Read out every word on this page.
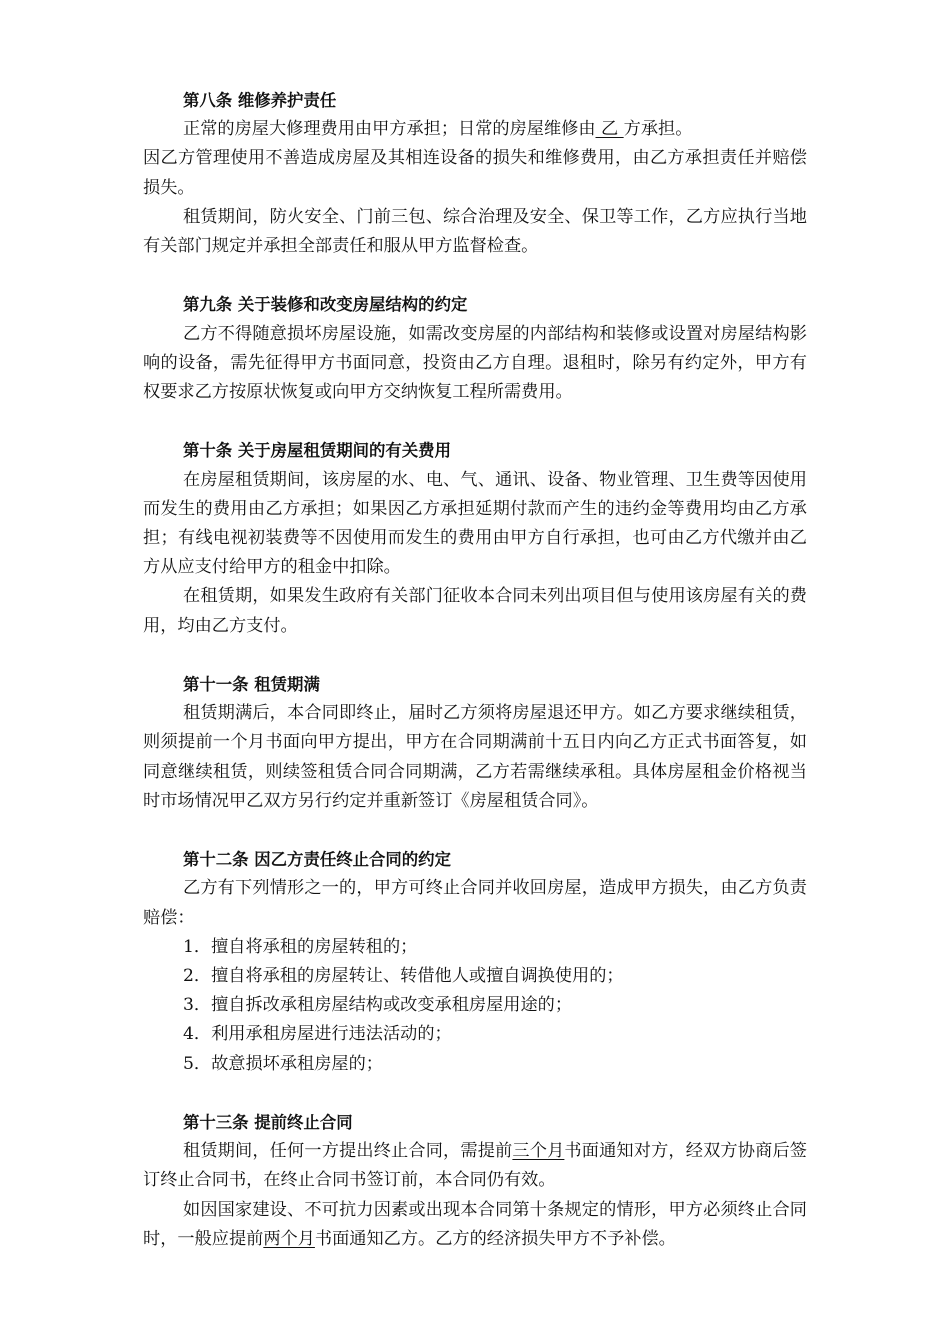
第八条 维修养护责任

正常的房屋大修理费用由甲方承担；日常的房屋维修由 乙 方承担。

因乙方管理使用不善造成房屋及其相连设备的损失和维修费用，由乙方承担责任并赔偿损失。

租赁期间，防火安全、门前三包、综合治理及安全、保卫等工作，乙方应执行当地有关部门规定并承担全部责任和服从甲方监督检查。

第九条 关于装修和改变房屋结构的约定

乙方不得随意损坏房屋设施，如需改变房屋的内部结构和装修或设置对房屋结构影响的设备，需先征得甲方书面同意，投资由乙方自理。退租时，除另有约定外，甲方有权要求乙方按原状恢复或向甲方交纳恢复工程所需费用。

第十条 关于房屋租赁期间的有关费用

在房屋租赁期间，该房屋的水、电、气、通讯、设备、物业管理、卫生费等因使用而发生的费用由乙方承担；如果因乙方承担延期付款而产生的违约金等费用均由乙方承担；有线电视初装费等不因使用而发生的费用由甲方自行承担，也可由乙方代缴并由乙方从应支付给甲方的租金中扣除。

在租赁期，如果发生政府有关部门征收本合同未列出项目但与使用该房屋有关的费用，均由乙方支付。

第十一条 租赁期满

租赁期满后，本合同即终止，届时乙方须将房屋退还甲方。如乙方要求继续租赁，则须提前一个月书面向甲方提出，甲方在合同期满前十五日内向乙方正式书面答复，如同意继续租赁，则续签租赁合同合同期满，乙方若需继续承租。具体房屋租金价格视当时市场情况甲乙双方另行约定并重新签订《房屋租赁合同》。

第十二条 因乙方责任终止合同的约定

乙方有下列情形之一的，甲方可终止合同并收回房屋，造成甲方损失，由乙方负责赔偿：

1．擅自将承租的房屋转租的；

2．擅自将承租的房屋转让、转借他人或擅自调换使用的；

3．擅自拆改承租房屋结构或改变承租房屋用途的；

4．利用承租房屋进行违法活动的；

5．故意损坏承租房屋的；

第十三条 提前终止合同

租赁期间，任何一方提出终止合同，需提前三个月书面通知对方，经双方协商后签订终止合同书，在终止合同书签订前，本合同仍有效。

如因国家建设、不可抗力因素或出现本合同第十条规定的情形，甲方必须终止合同时，一般应提前两个月书面通知乙方。乙方的经济损失甲方不予补偿。
